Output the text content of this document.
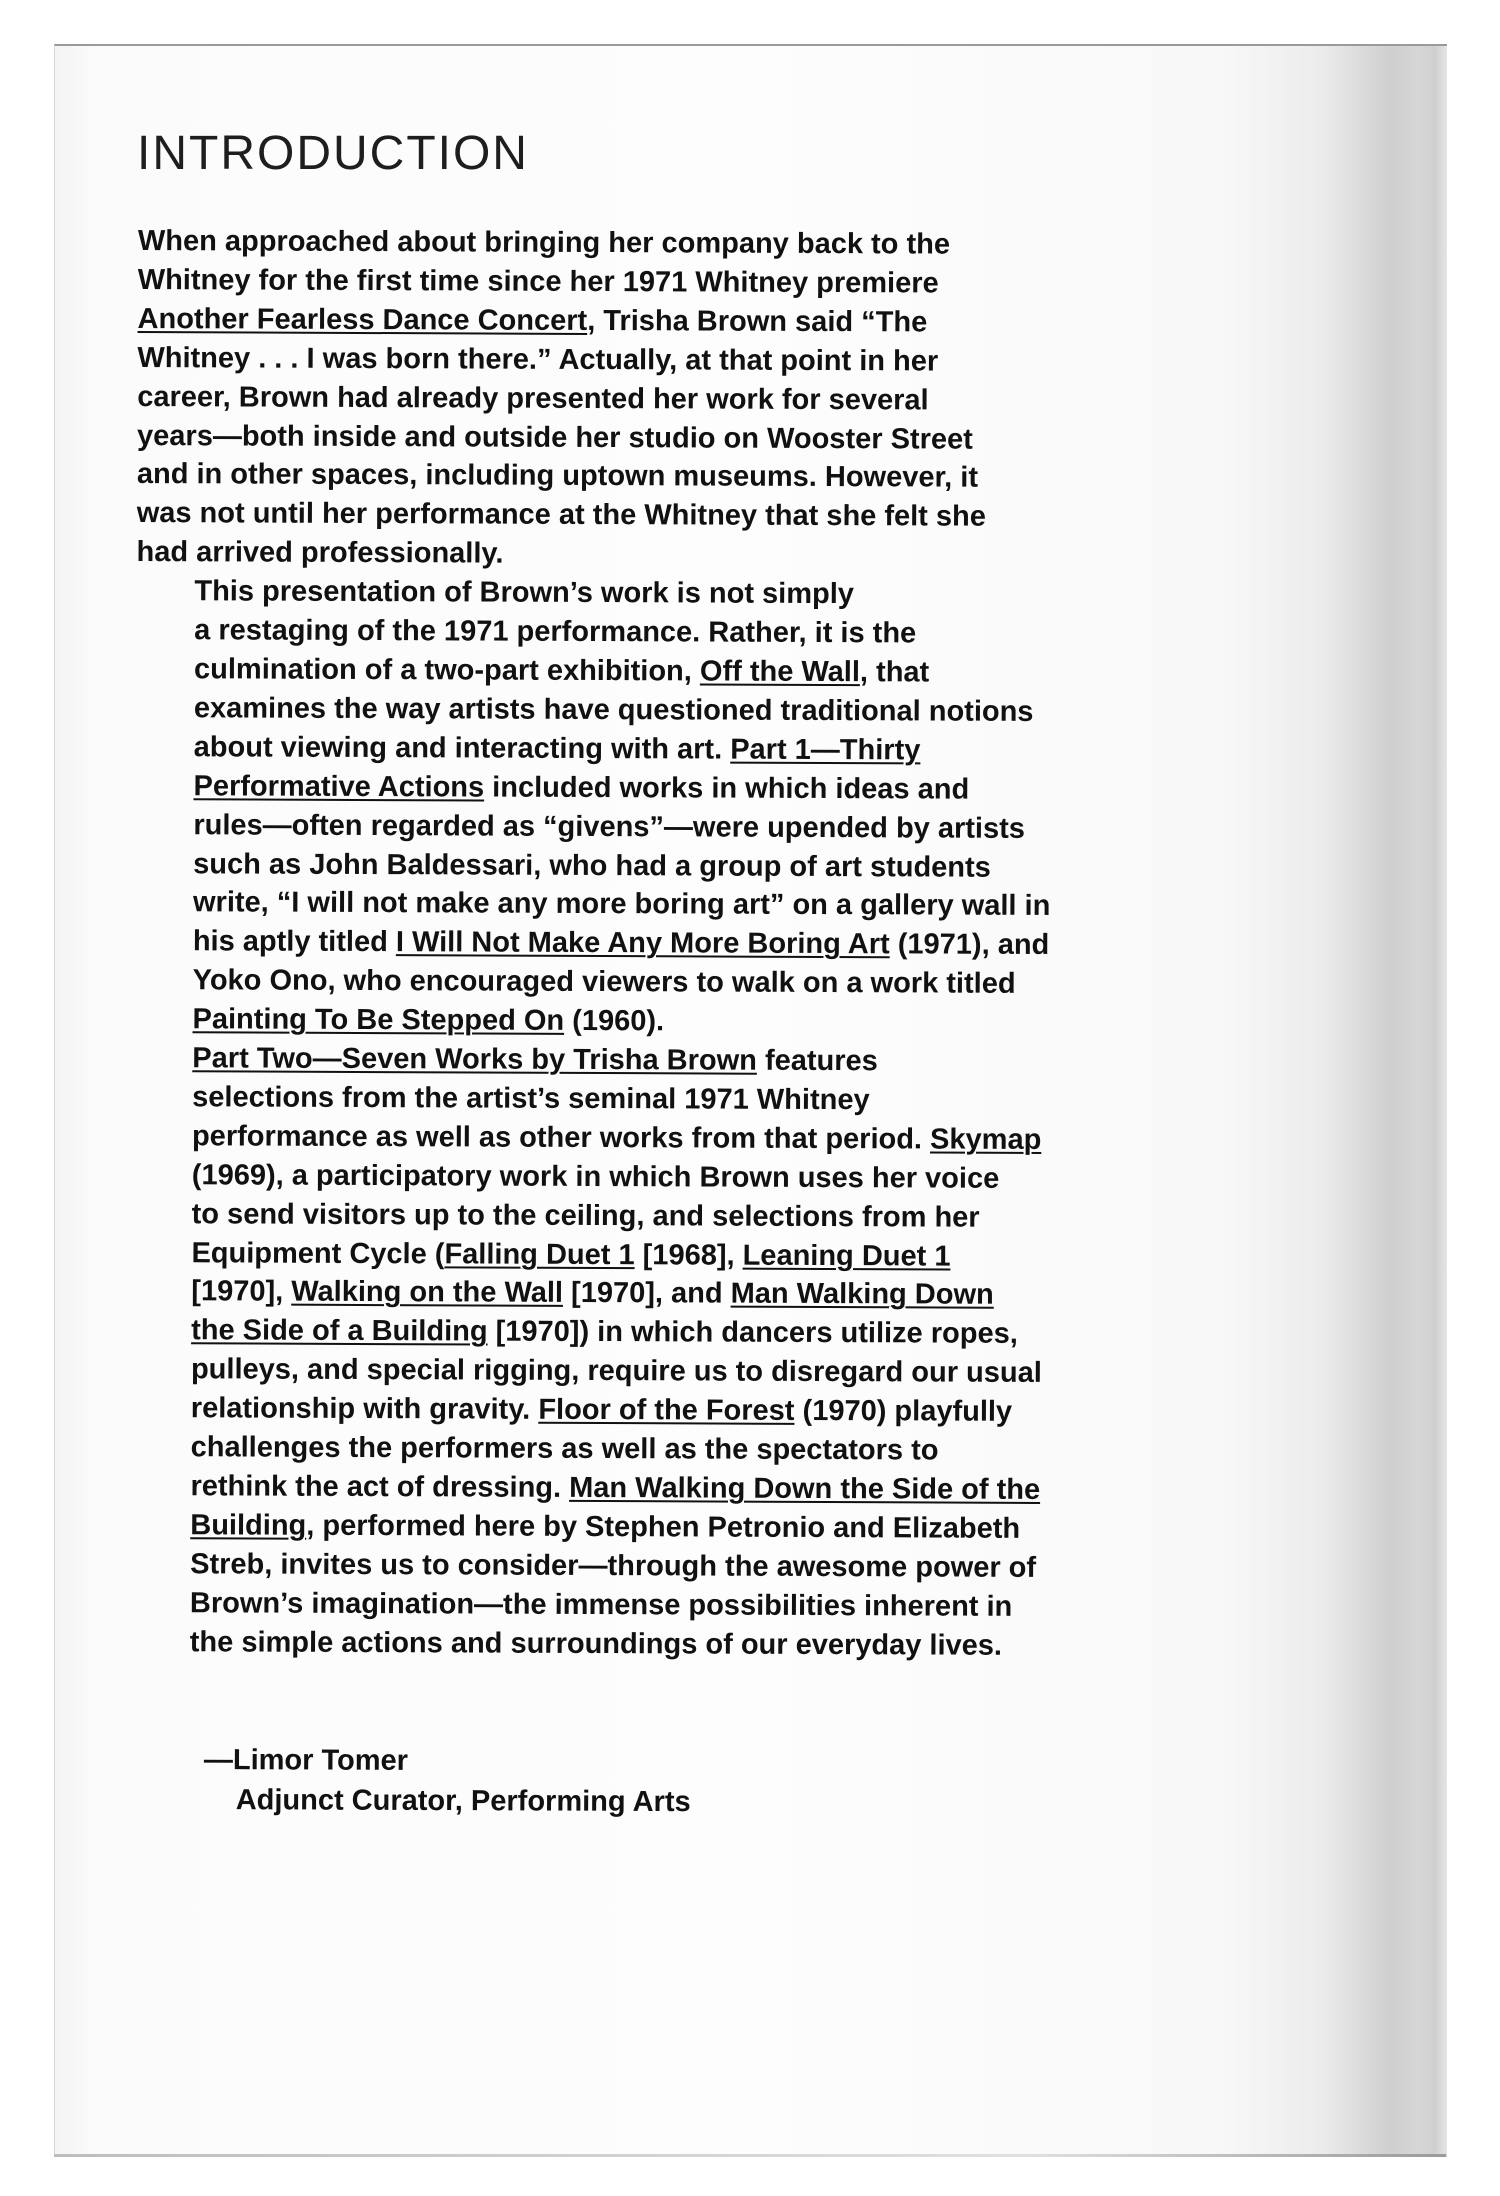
INTRODUCTION

When approached about bringing her company back to the
Whitney for the first time since her 1971 Whitney premiere
Another Fearless Dance Concert, Trisha Brown said “The
Whitney . . . I was born there.” Actually, at that point in her
career, Brown had already presented her work for several
years—both inside and outside her studio on Wooster Street
and in other spaces, including uptown museums. However, it
was not until her performance at the Whitney that she felt she
had arrived professionally.

This presentation of Brown’s work is not simply
a restaging of the 1971 performance. Rather, it is the
culmination of a two-part exhibition, Off the Wall, that
examines the way artists have questioned traditional notions
about viewing and interacting with art. Part 1—Thirty
Performative Actions included works in which ideas and
rules—often regarded as “givens”—were upended by artists
such as John Baldessari, who had a group of art students
write, “I will not make any more boring art” on a gallery wall in
his aptly titled I Will Not Make Any More Boring Art (1971), and
Yoko Ono, who encouraged viewers to walk on a work titled
Painting To Be Stepped On (1960).

Part Two—Seven Works by Trisha Brown features
selections from the artist’s seminal 1971 Whitney
performance as well as other works from that period. Skymap
(1969), a participatory work in which Brown uses her voice
to send visitors up to the ceiling, and selections from her
Equipment Cycle (Falling Duet 1 [1968], Leaning Duet 1
[1970], Walking on the Wall [1970], and Man Walking Down
the Side of a Building [1970]) in which dancers utilize ropes,
pulleys, and special rigging, require us to disregard our usual
relationship with gravity. Floor of the Forest (1970) playfully
challenges the performers as well as the spectators to
rethink the act of dressing. Man Walking Down the Side of the
Building, performed here by Stephen Petronio and Elizabeth
Streb, invites us to consider—through the awesome power of
Brown’s imagination—the immense possibilities inherent in
the simple actions and surroundings of our everyday lives.

—Limor Tomer
Adjunct Curator, Performing Arts
